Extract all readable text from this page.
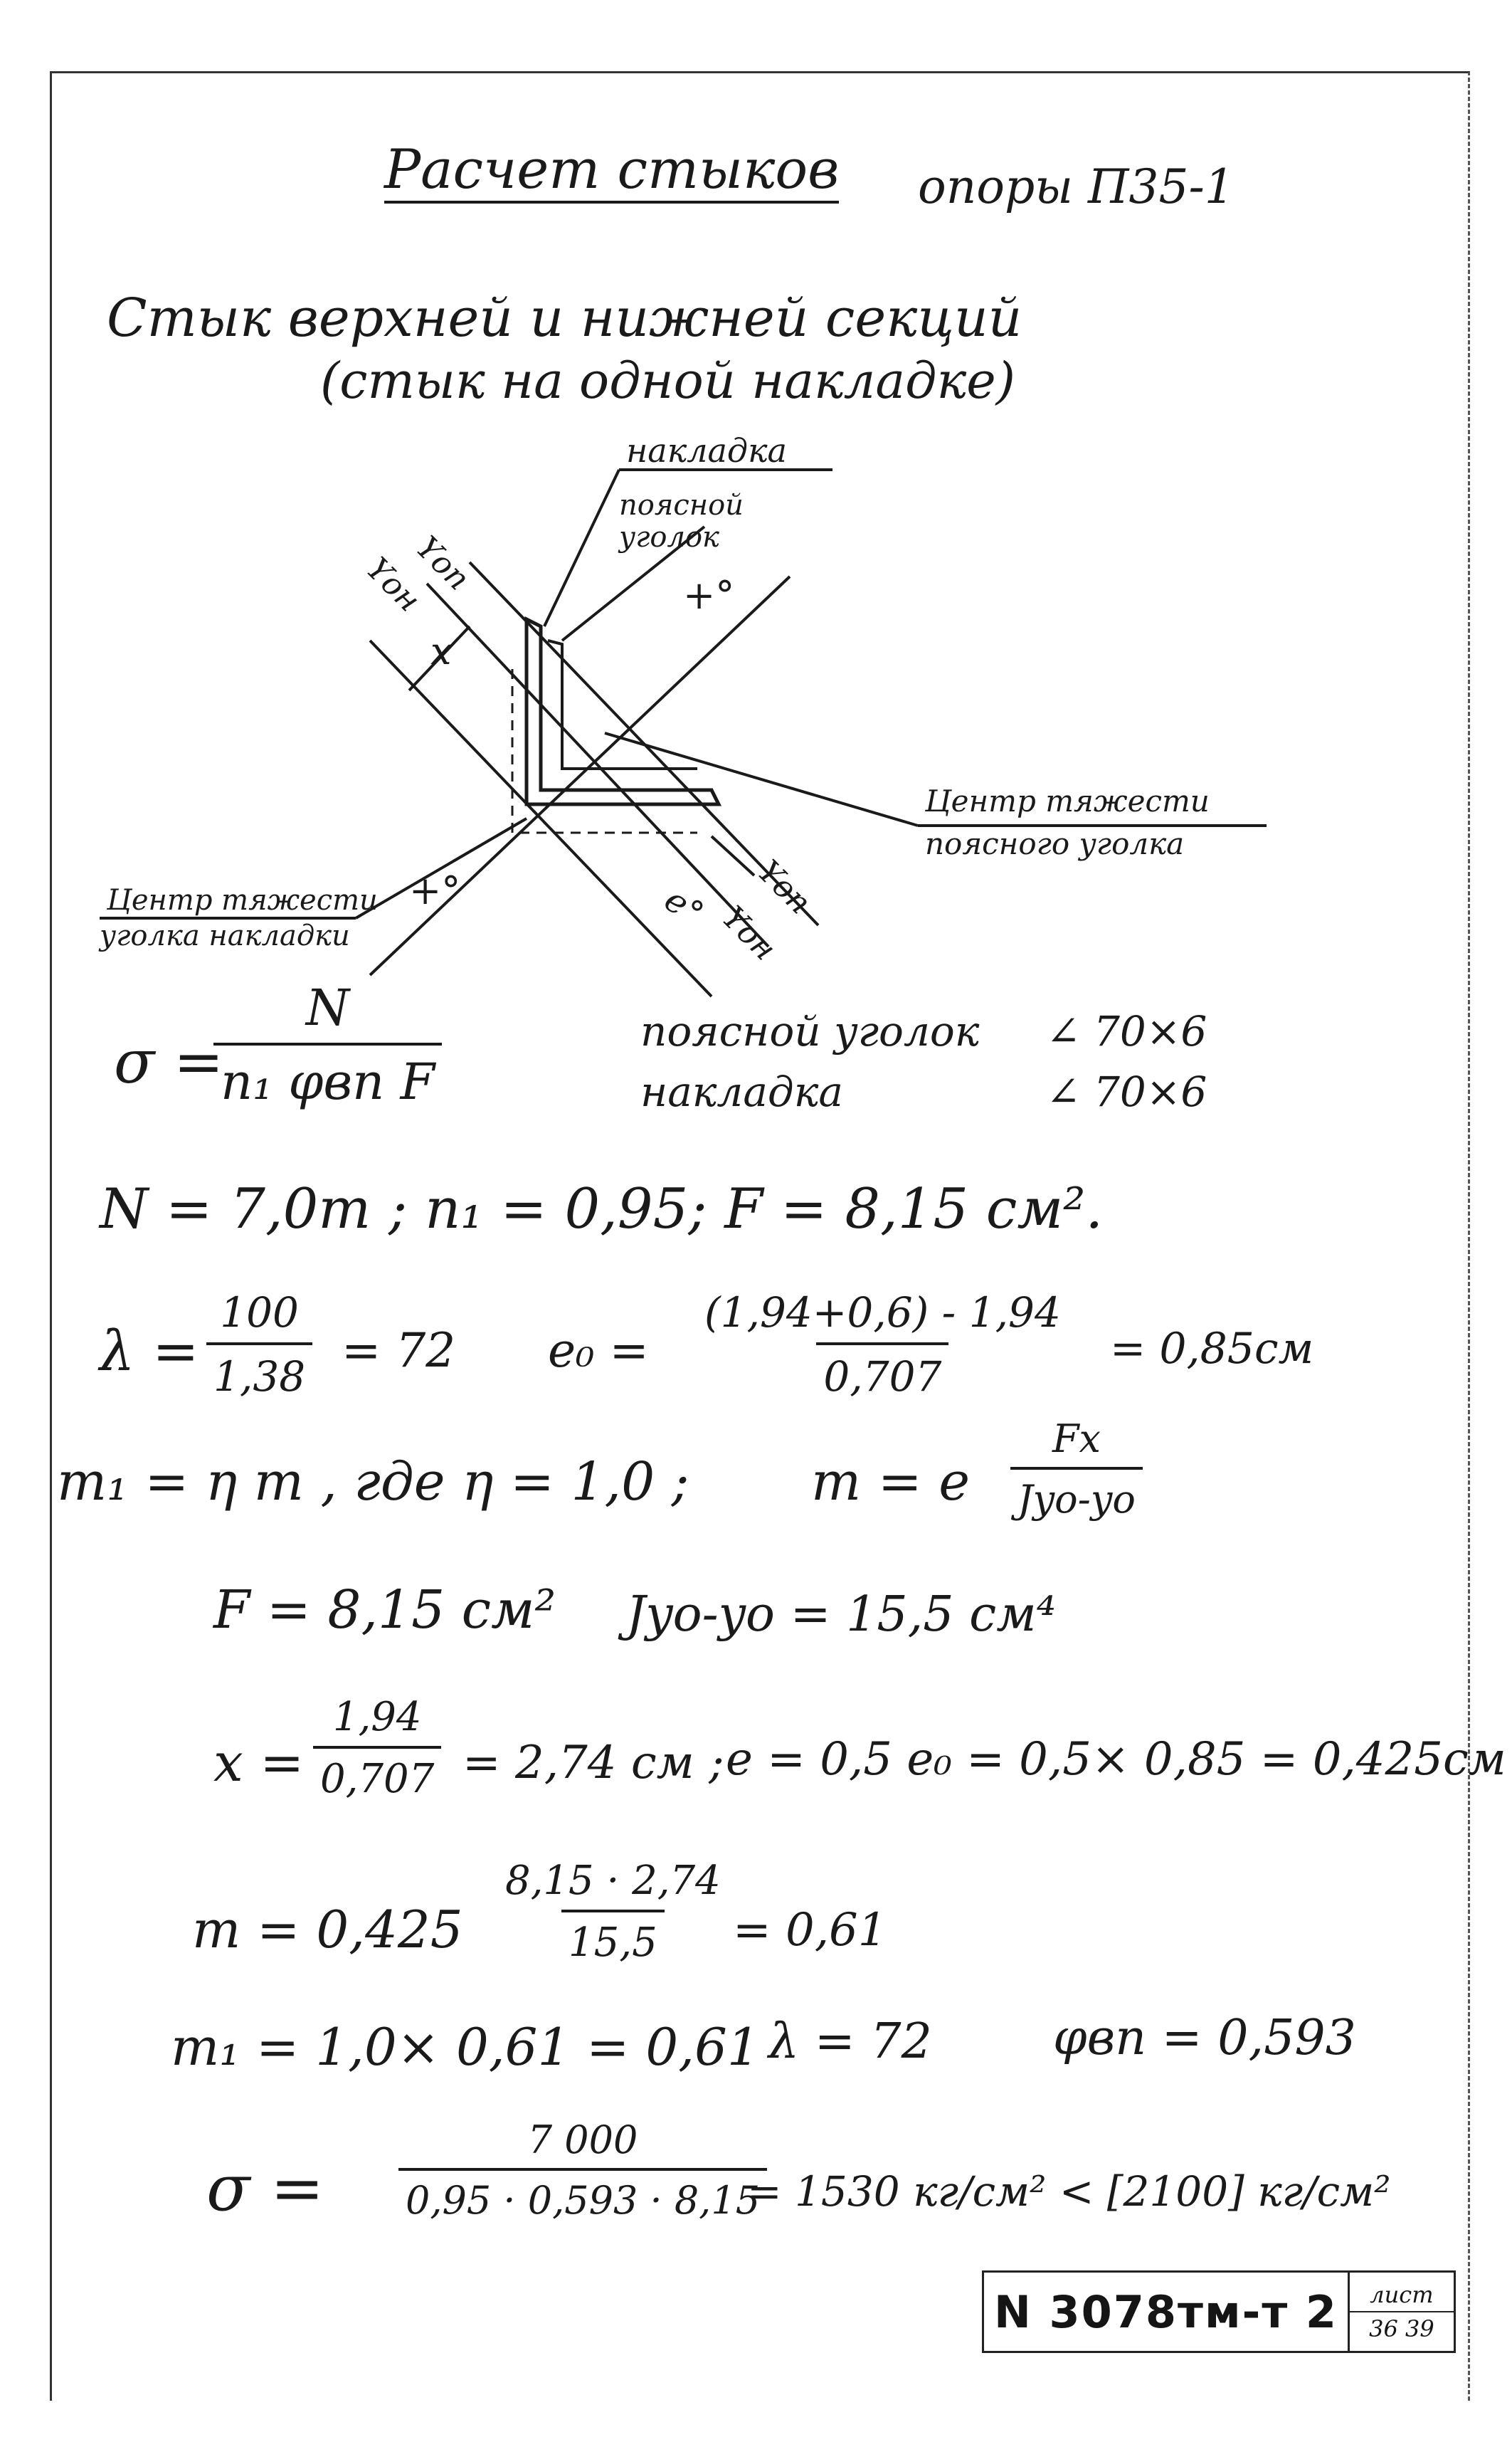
Расчет стыков опоры П35-1
Стык верхней и нижней секций
(стык на одной накладке)
накладка
поясной
уголок
Yон
Yоп
x
+°
Центр тяжести
поясного уголка
Центр тяжести
уголка накладки
+°	e° Yоп
Yон
σ =
N
n₁ φвп F
поясной уголок ∠ 70×6
накладка	∠ 70×6
N = 7,0т ; n₁ = 0,95; F = 8,15 см².
$\lambda = \frac{100}{1,38} = 72$ $e_0 = \frac{(1,94+0,6) - 1,94}{0,707} = 0,85см$
m₁ = η m , где η = 1,0 ; m = e
Fx
Jyo-yo
F = 8,15 см² Jyo-yo = 15,5 см⁴
$x = \frac{1,94}{0,707} = 2,74$ см ; e = 0,5 e₀ = 0,5× 0,85 = 0,425см
$m = 0,425 \frac{8,15 \cdot 2,74}{15,5} = 0,61$
m₁ = 1,0× 0,61 = 0,61 λ = 72	φвп = 0,593
$\sigma = \frac{7 000}{0,95 \cdot 0,593 \cdot 8,15}$
= 1530 кг/см² < [2100] кг/см²
N 3078тм-т 2	лист
36 39
